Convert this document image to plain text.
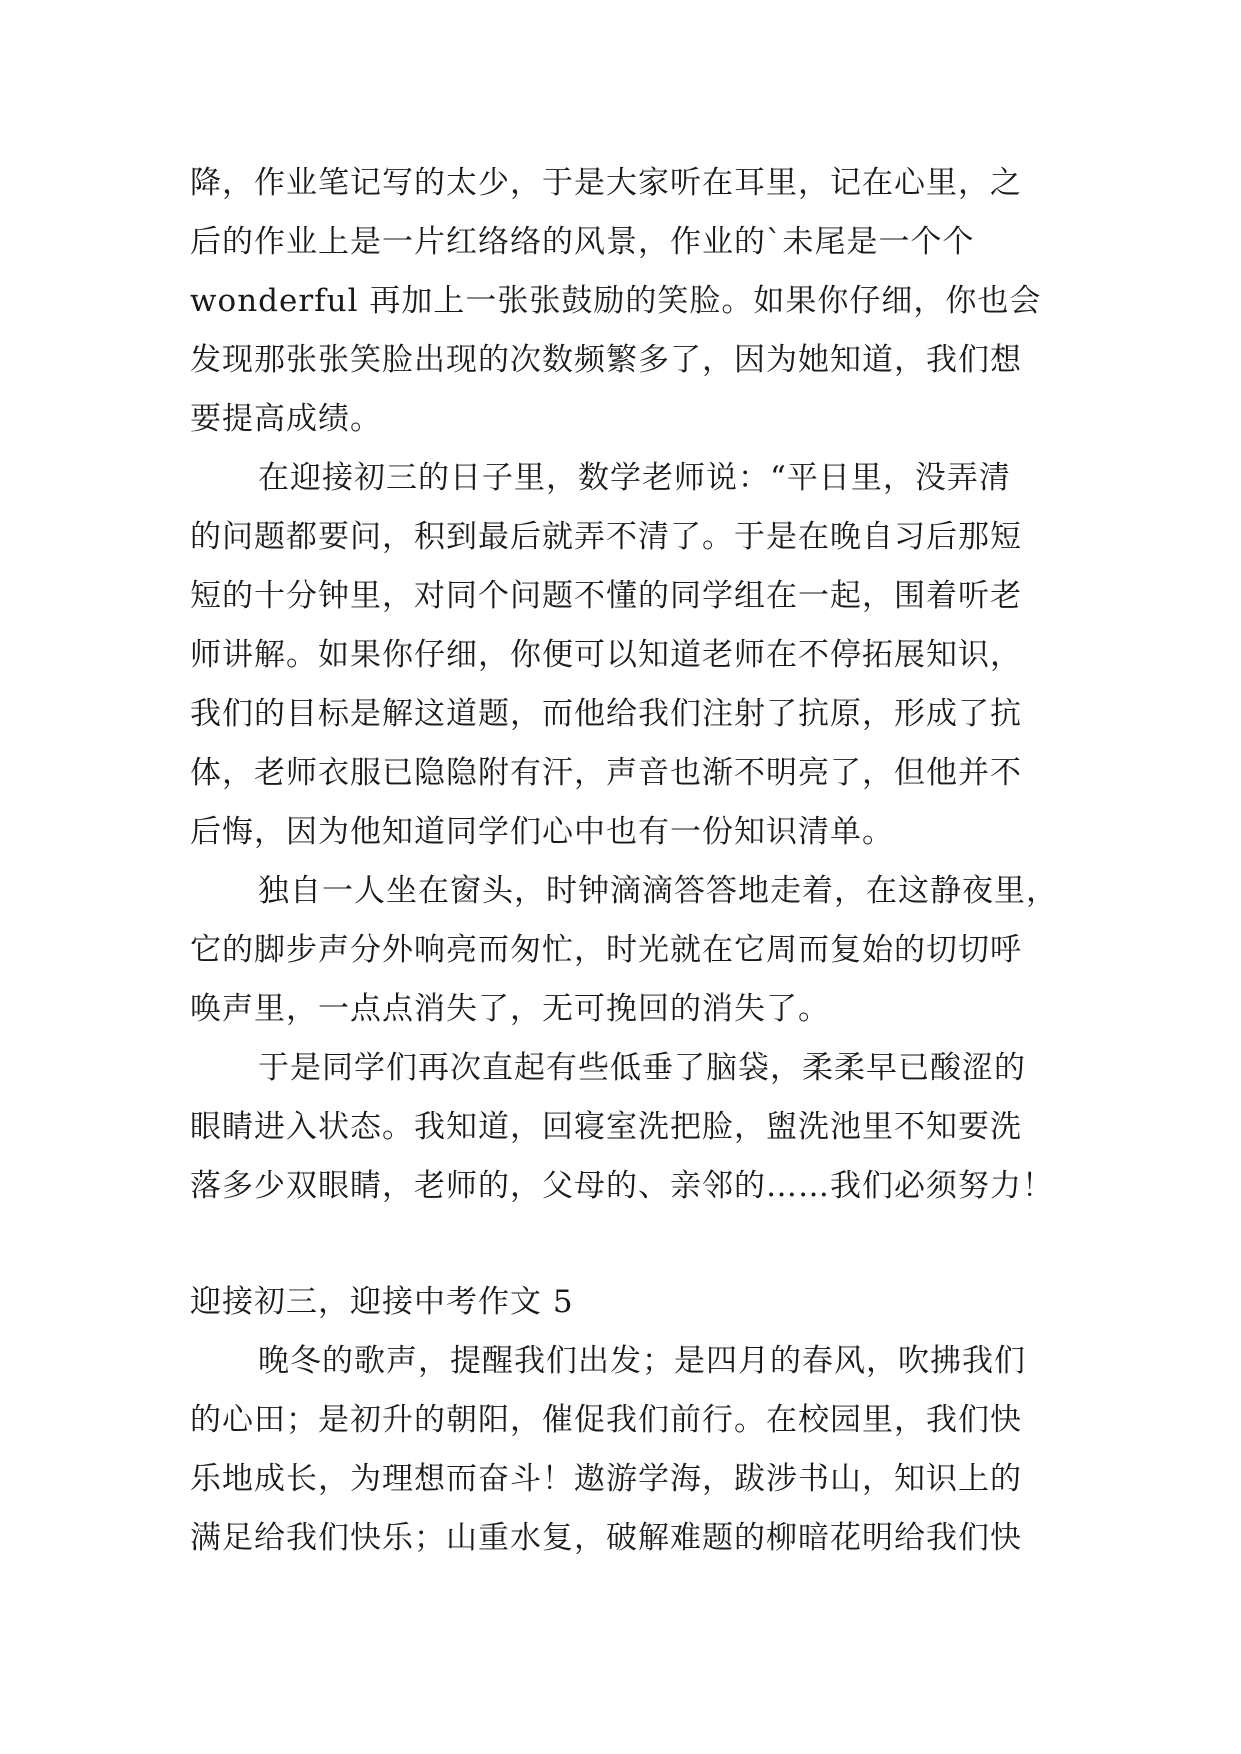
降，作业笔记写的太少，于是大家听在耳里，记在心里，之
后的作业上是一片红络络的风景，作业的`未尾是一个个
wonderful 再加上一张张鼓励的笑脸。如果你仔细，你也会
发现那张张笑脸出现的次数频繁多了，因为她知道，我们想
要提高成绩。
在迎接初三的日子里，数学老师说：“平日里，没弄清
的问题都要问，积到最后就弄不清了。于是在晚自习后那短
短的十分钟里，对同个问题不懂的同学组在一起，围着听老
师讲解。如果你仔细，你便可以知道老师在不停拓展知识，
我们的目标是解这道题，而他给我们注射了抗原，形成了抗
体，老师衣服已隐隐附有汗，声音也渐不明亮了，但他并不
后悔，因为他知道同学们心中也有一份知识清单。
独自一人坐在窗头，时钟滴滴答答地走着，在这静夜里，
它的脚步声分外响亮而匆忙，时光就在它周而复始的切切呼
唤声里，一点点消失了，无可挽回的消失了。
于是同学们再次直起有些低垂了脑袋，柔柔早已酸涩的
眼睛进入状态。我知道，回寝室洗把脸，盥洗池里不知要洗
落多少双眼睛，老师的，父母的、亲邻的……我们必须努力！
迎接初三，迎接中考作文 5
晚冬的歌声，提醒我们出发；是四月的春风，吹拂我们
的心田；是初升的朝阳，催促我们前行。在校园里，我们快
乐地成长，为理想而奋斗！遨游学海，跋涉书山，知识上的
满足给我们快乐；山重水复，破解难题的柳暗花明给我们快
